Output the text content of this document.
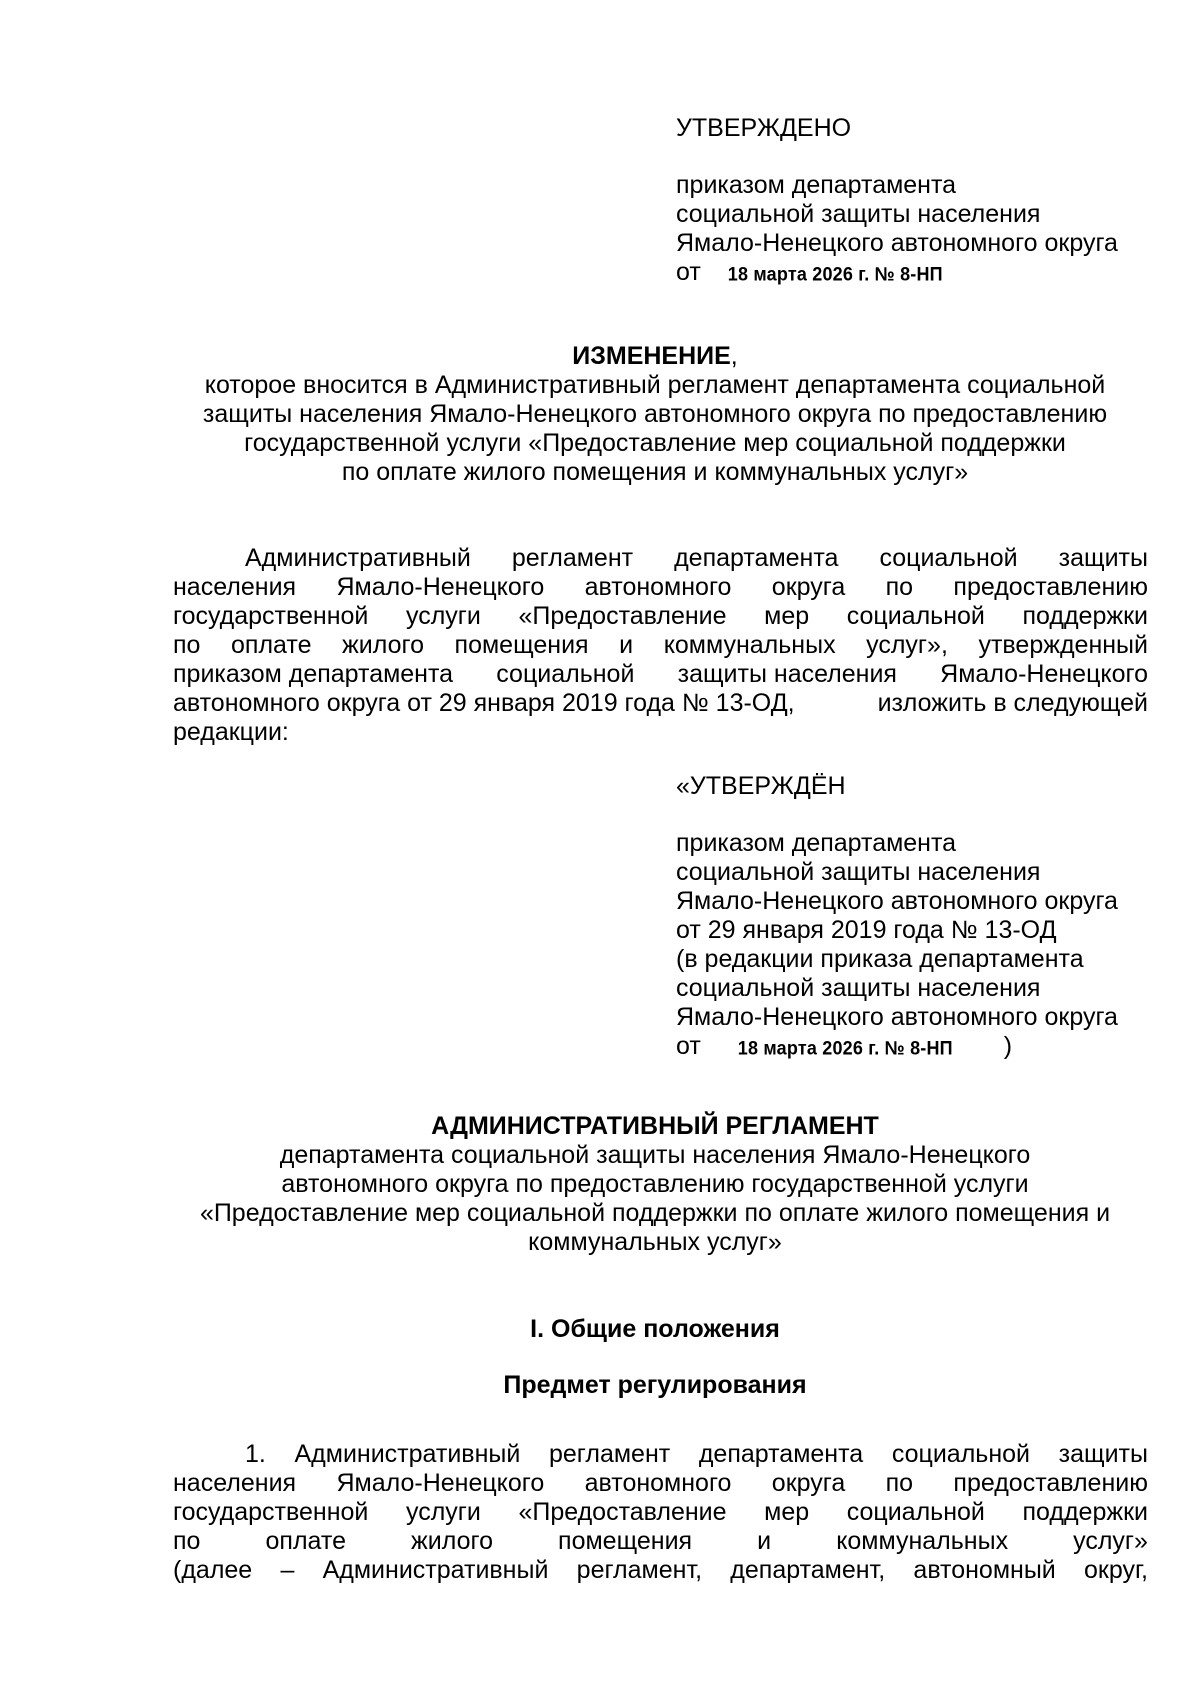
УТВЕРЖДЕНО
приказом департамента
социальной защиты населения
Ямало-Ненецкого автономного округа
от 18 марта 2026 г. № 8-НП
ИЗМЕНЕНИЕ,
которое вносится в Административный регламент департамента социальной
защиты населения Ямало-Ненецкого автономного округа по предоставлению
государственной услуги «Предоставление мер социальной поддержки
по оплате жилого помещения и коммунальных услуг»
Административный регламент департамента социальной защиты
населения Ямало-Ненецкого автономного округа по предоставлению
государственной услуги «Предоставление мер социальной поддержки
по оплате жилого помещения и коммунальных услуг», утвержденный
приказом департамента социальной защиты населения Ямало-Ненецкого
автономного округа от 29 января 2019 года № 13-ОД,	изложить в следующей
редакции:
«УТВЕРЖДЁН
приказом департамента
социальной защиты населения
Ямало-Ненецкого автономного округа
от 29 января 2019 года № 13-ОД
(в редакции приказа департамента
социальной защиты населения
Ямало-Ненецкого автономного округа
от 18 марта 2026 г. № 8-НП )
АДМИНИСТРАТИВНЫЙ РЕГЛАМЕНТ
департамента социальной защиты населения Ямало-Ненецкого
автономного округа по предоставлению государственной услуги
«Предоставление мер социальной поддержки по оплате жилого помещения и
коммунальных услуг»
I. Общие положения
Предмет регулирования
1. Административный регламент департамента социальной защиты
населения Ямало-Ненецкого автономного округа по предоставлению
государственной услуги «Предоставление мер социальной поддержки
по	оплате	жилого	помещения	и	коммунальных	услуг»
(далее – Административный регламент, департамент, автономный округ,
